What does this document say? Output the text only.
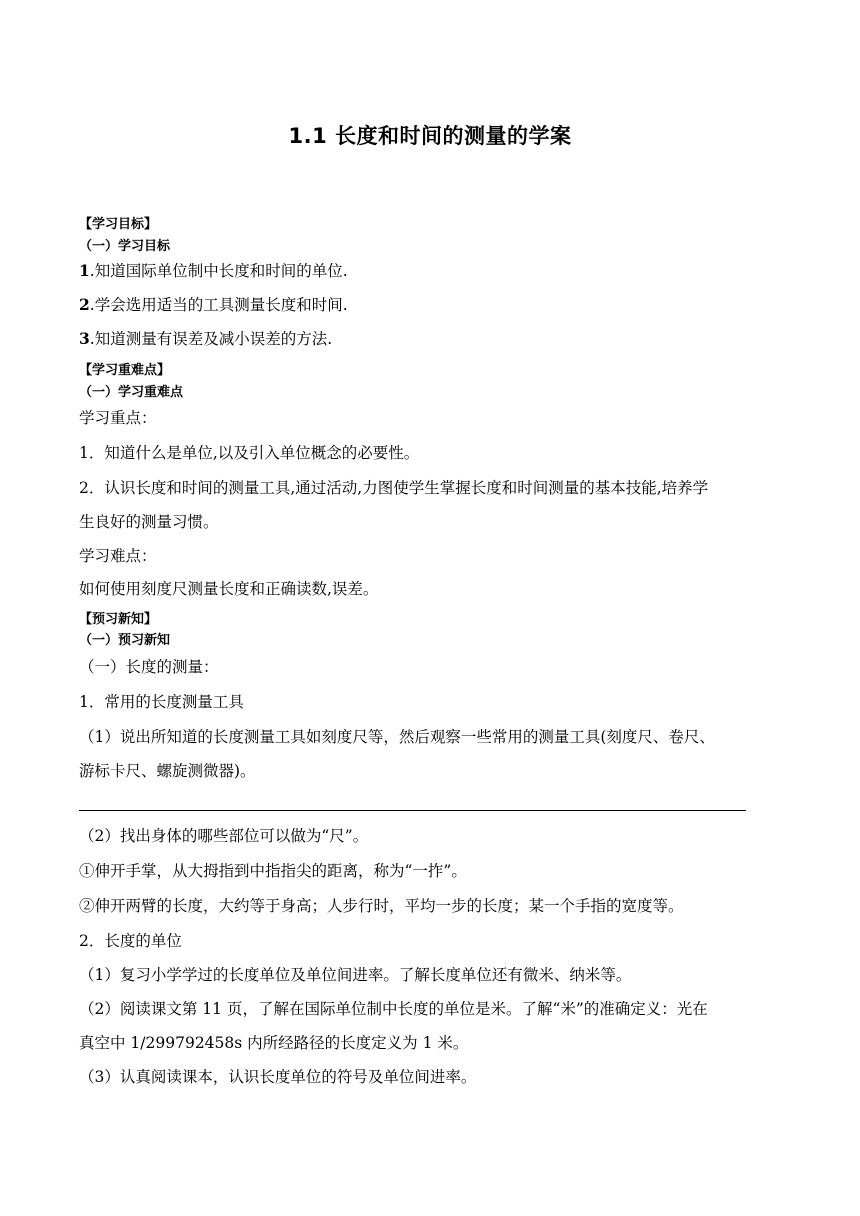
1.1 长度和时间的测量的学案
【学习目标】
（一）学习目标
1.知道国际单位制中长度和时间的单位.
2.学会选用适当的工具测量长度和时间.
3.知道测量有误差及减小误差的方法.
【学习重难点】
（一）学习重难点
学习重点：
1．知道什么是单位,以及引入单位概念的必要性。
2．认识长度和时间的测量工具,通过活动,力图使学生掌握长度和时间测量的基本技能,培养学
生良好的测量习惯。
学习难点：
如何使用刻度尺测量长度和正确读数,误差。
【预习新知】
（一）预习新知
（一）长度的测量：
1．常用的长度测量工具
（1）说出所知道的长度测量工具如刻度尺等，然后观察一些常用的测量工具(刻度尺、卷尺、
游标卡尺、螺旋测微器)。
（2）找出身体的哪些部位可以做为“尺”。
①伸开手掌，从大拇指到中指指尖的距离，称为“一拃”。
②伸开两臂的长度，大约等于身高；人步行时，平均一步的长度；某一个手指的宽度等。
2．长度的单位
（1）复习小学学过的长度单位及单位间进率。了解长度单位还有微米、纳米等。
（2）阅读课文第 11 页，了解在国际单位制中长度的单位是米。了解“米”的准确定义：光在
真空中 1/299792458s 内所经路径的长度定义为 1 米。
（3）认真阅读课本，认识长度单位的符号及单位间进率。
